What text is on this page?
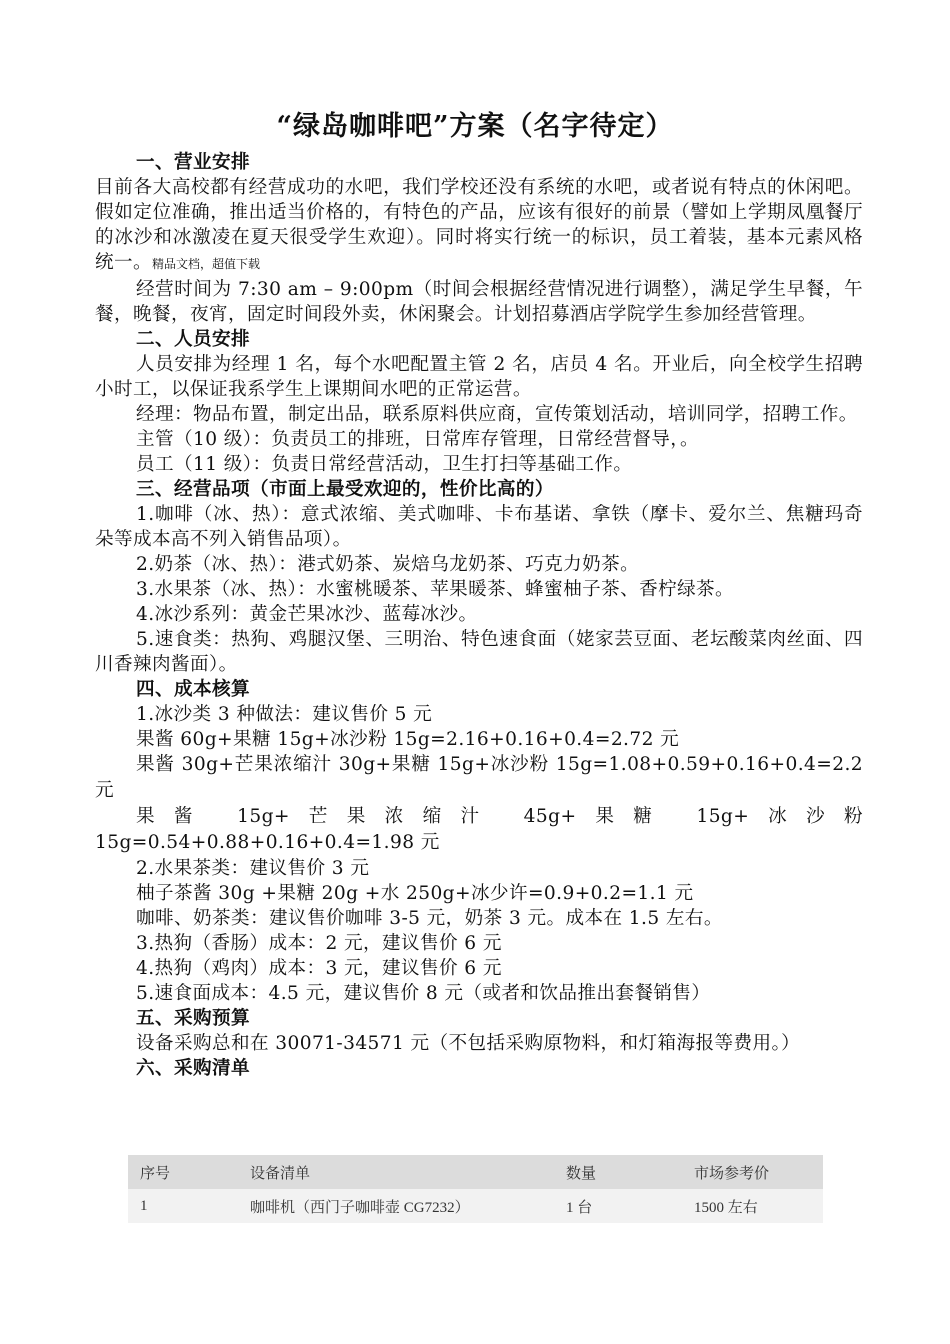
“绿岛咖啡吧”方案（名字待定）
一、营业安排

目前各大高校都有经营成功的水吧，我们学校还没有系统的水吧，或者说有特点的休闲吧。假如定位准确，推出适当价格的，有特色的产品，应该有很好的前景（譬如上学期凤凰餐厅的冰沙和冰激凌在夏天很受学生欢迎）。同时将实行统一的标识，员工着装，基本元素风格统一。精品文档，超值下载

经营时间为 7:30 am – 9:00pm（时间会根据经营情况进行调整），满足学生早餐，午餐，晚餐，夜宵，固定时间段外卖，休闲聚会。计划招募酒店学院学生参加经营管理。

二、人员安排

人员安排为经理 1 名，每个水吧配置主管 2 名，店员 4 名。开业后，向全校学生招聘小时工，以保证我系学生上课期间水吧的正常运营。

经理：物品布置，制定出品，联系原料供应商，宣传策划活动，培训同学，招聘工作。

主管（10 级）：负责员工的排班，日常库存管理，日常经营督导，。

员工（11 级）：负责日常经营活动，卫生打扫等基础工作。

三、经营品项（市面上最受欢迎的，性价比高的）

1.咖啡（冰、热）：意式浓缩、美式咖啡、卡布基诺、拿铁（摩卡、爱尔兰、焦糖玛奇朵等成本高不列入销售品项）。

2.奶茶（冰、热）：港式奶茶、炭焙乌龙奶茶、巧克力奶茶。

3.水果茶（冰、热）：水蜜桃暖茶、苹果暖茶、蜂蜜柚子茶、香柠绿茶。

4.冰沙系列：黄金芒果冰沙、蓝莓冰沙。

5.速食类：热狗、鸡腿汉堡、三明治、特色速食面（姥家芸豆面、老坛酸菜肉丝面、四川香辣肉酱面）。

四、成本核算

1.冰沙类 3 种做法：建议售价 5 元

果酱 60g+果糖 15g+冰沙粉 15g=2.16+0.16+0.4=2.72 元

果酱 30g+芒果浓缩汁 30g+果糖 15g+冰沙粉 15g=1.08+0.59+0.16+0.4=2.2 元

果酱 15g+芒果浓缩汁 45g+果糖 15g+冰沙粉 15g=0.54+0.88+0.16+0.4=1.98 元

2.水果茶类：建议售价 3 元

柚子茶酱 30g +果糖 20g +水 250g+冰少许=0.9+0.2=1.1 元

咖啡、奶茶类：建议售价咖啡 3-5 元，奶茶 3 元。成本在 1.5 左右。

3.热狗（香肠）成本：2 元，建议售价 6 元

4.热狗（鸡肉）成本：3 元，建议售价 6 元

5.速食面成本：4.5 元，建议售价 8 元（或者和饮品推出套餐销售）

五、采购预算

设备采购总和在 30071-34571 元（不包括采购原物料，和灯箱海报等费用。）

六、采购清单
序号	设备清单	数量	市场参考价
1	咖啡机（西门子咖啡壶 CG7232）	1 台	1500 左右
